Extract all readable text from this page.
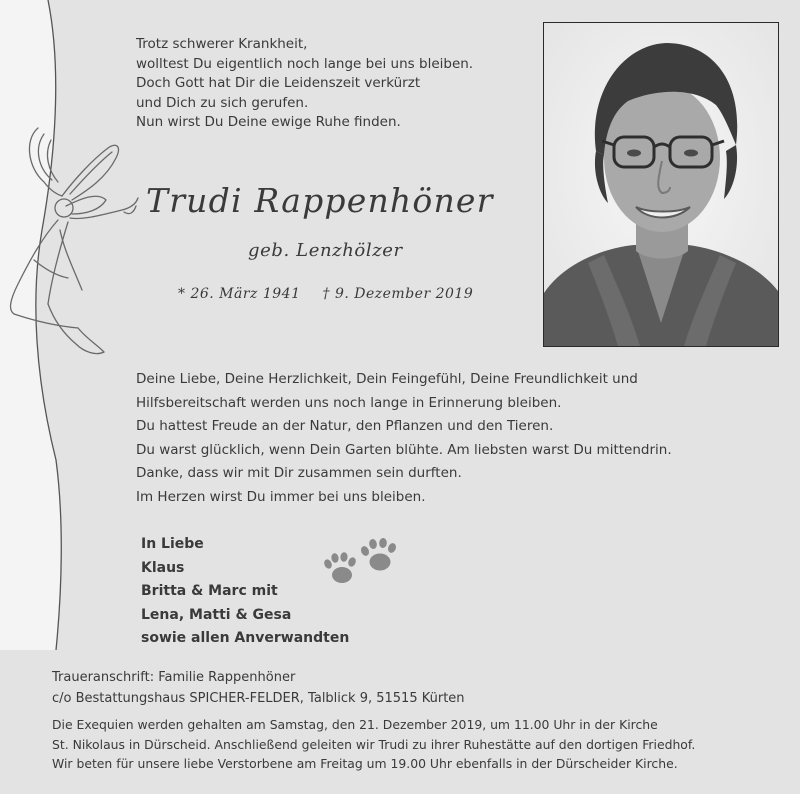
Trotz schwerer Krankheit,
wolltest Du eigentlich noch lange bei uns bleiben.
Doch Gott hat Dir die Leidenszeit verkürzt
und Dich zu sich gerufen.
Nun wirst Du Deine ewige Ruhe finden.
Trudi Rappenhöner
geb. Lenzhölzer
* 26. März 1941 † 9. Dezember 2019
Deine Liebe, Deine Herzlichkeit, Dein Feingefühl, Deine Freundlichkeit und
Hilfsbereitschaft werden uns noch lange in Erinnerung bleiben.
Du hattest Freude an der Natur, den Pflanzen und den Tieren.
Du warst glücklich, wenn Dein Garten blühte. Am liebsten warst Du mittendrin.
Danke, dass wir mit Dir zusammen sein durften.
Im Herzen wirst Du immer bei uns bleiben.
In Liebe
Klaus
Britta & Marc mit
Lena, Matti & Gesa
sowie allen Anverwandten
Traueranschrift: Familie Rappenhöner
c/o Bestattungshaus SPICHER-FELDER, Talblick 9, 51515 Kürten
Die Exequien werden gehalten am Samstag, den 21. Dezember 2019, um 11.00 Uhr in der Kirche
St. Nikolaus in Dürscheid. Anschließend geleiten wir Trudi zu ihrer Ruhestätte auf den dortigen Friedhof.
Wir beten für unsere liebe Verstorbene am Freitag um 19.00 Uhr ebenfalls in der Dürscheider Kirche.
